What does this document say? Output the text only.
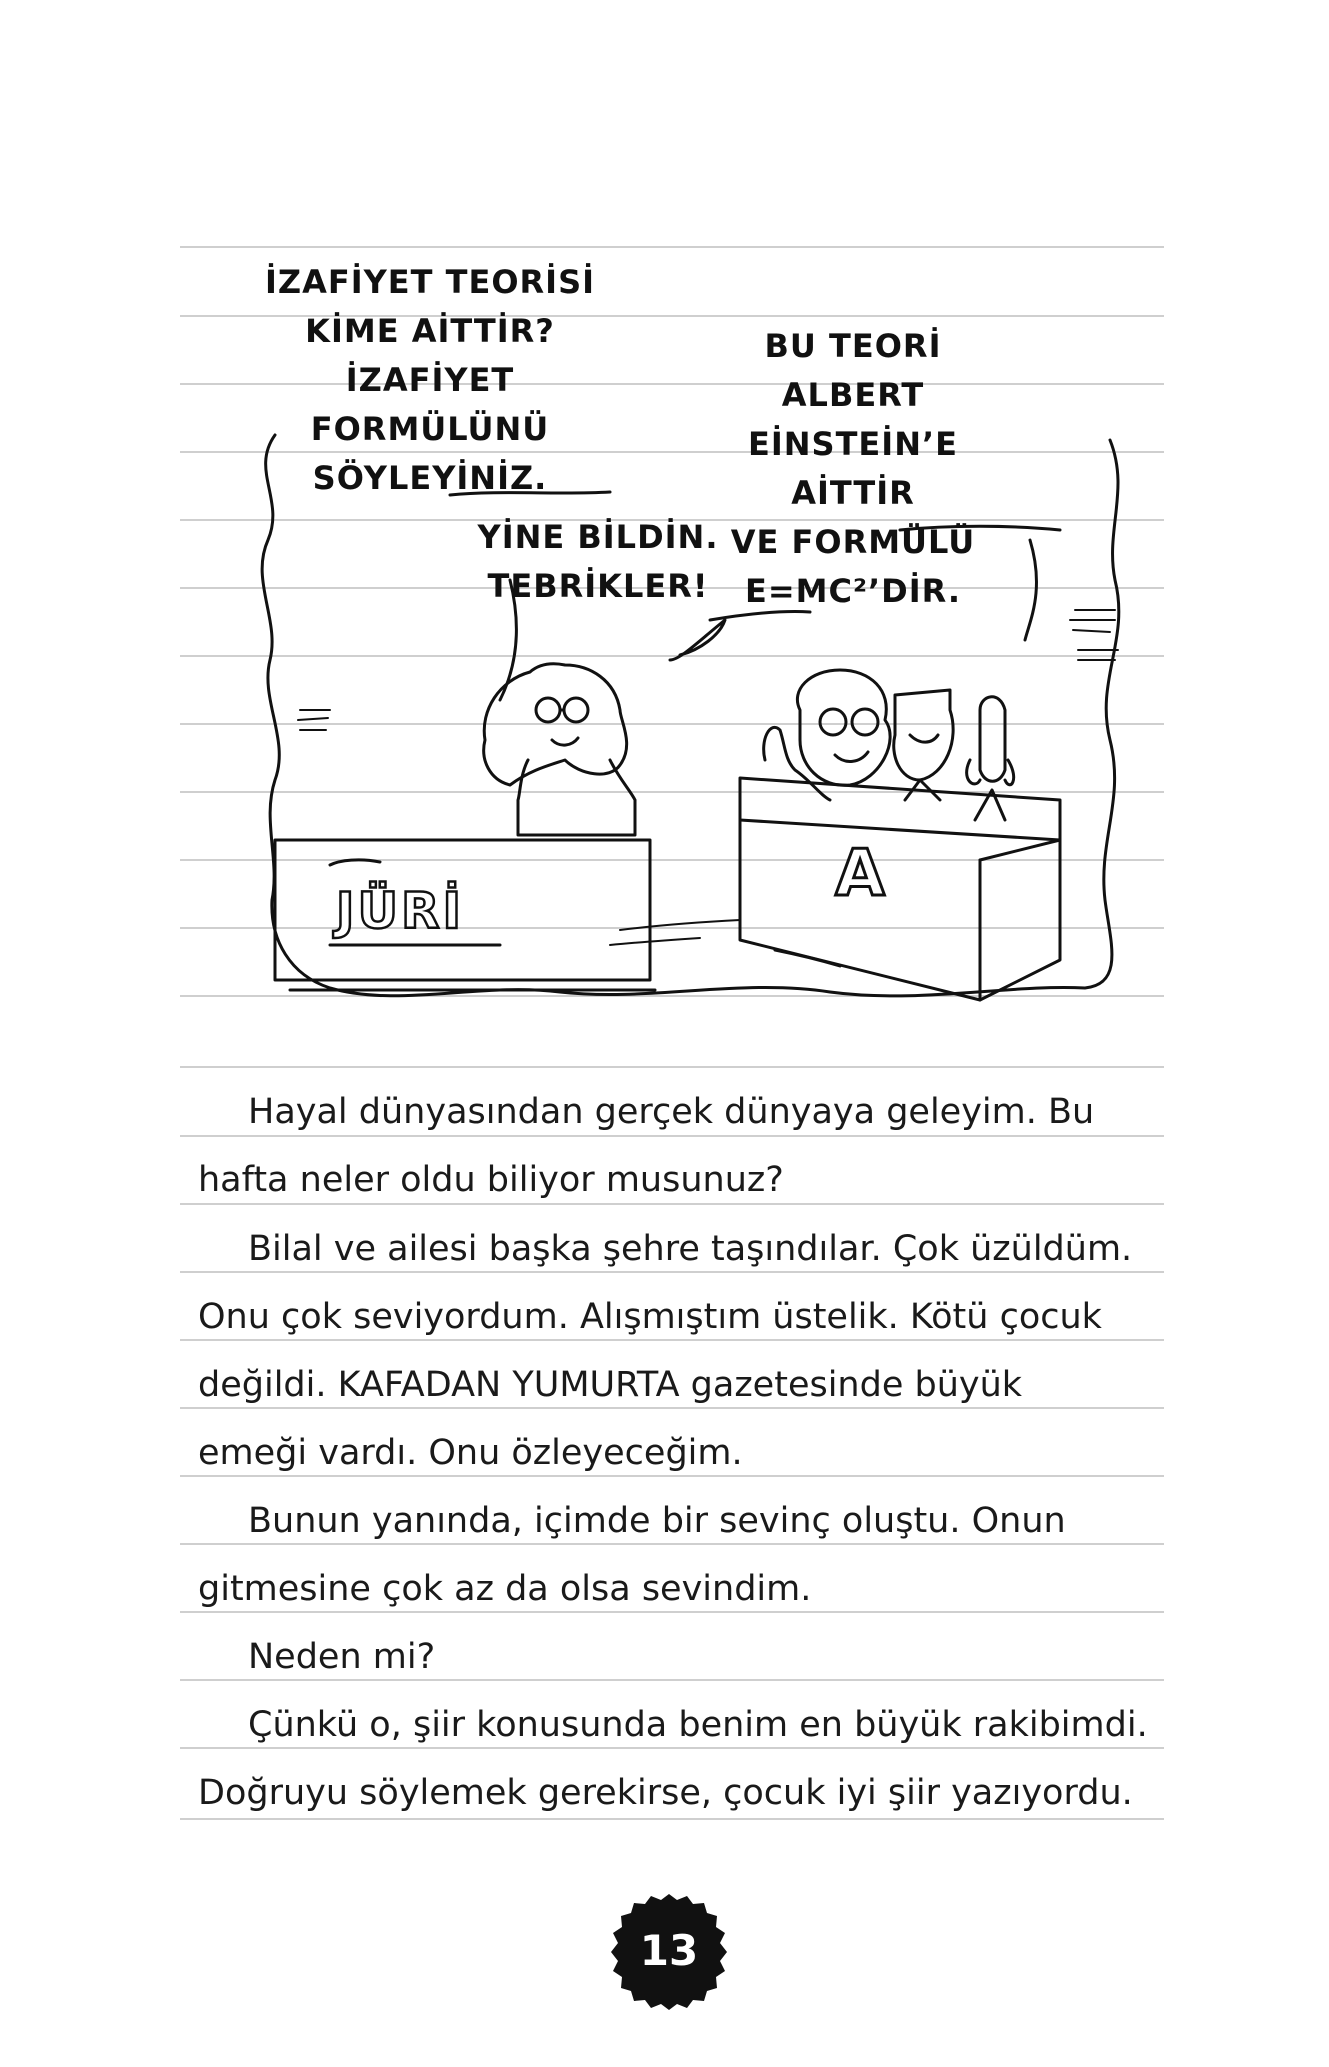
JÜRİ	A
İZAFİYET TEORİSİ
KİME AİTTİR?
İZAFİYET FORMÜLÜNÜ
SÖYLEYİNİZ.
YİNE BİLDİN.
TEBRİKLER!
BU TEORİ ALBERT
EİNSTEİN’E AİTTİR
VE FORMÜLÜ
E=MC²’DİR.
Hayal dünyasından gerçek dünyaya geleyim. Bu
hafta neler oldu biliyor musunuz?
Bilal ve ailesi başka şehre taşındılar. Çok üzüldüm.
Onu çok seviyordum. Alışmıştım üstelik. Kötü çocuk
değildi. KAFADAN YUMURTA gazetesinde büyük
emeği vardı. Onu özleyeceğim.
Bunun yanında, içimde bir sevinç oluştu. Onun
gitmesine çok az da olsa sevindim.
Neden mi?
Çünkü o, şiir konusunda benim en büyük rakibimdi.
Doğruyu söylemek gerekirse, çocuk iyi şiir yazıyordu.
13
